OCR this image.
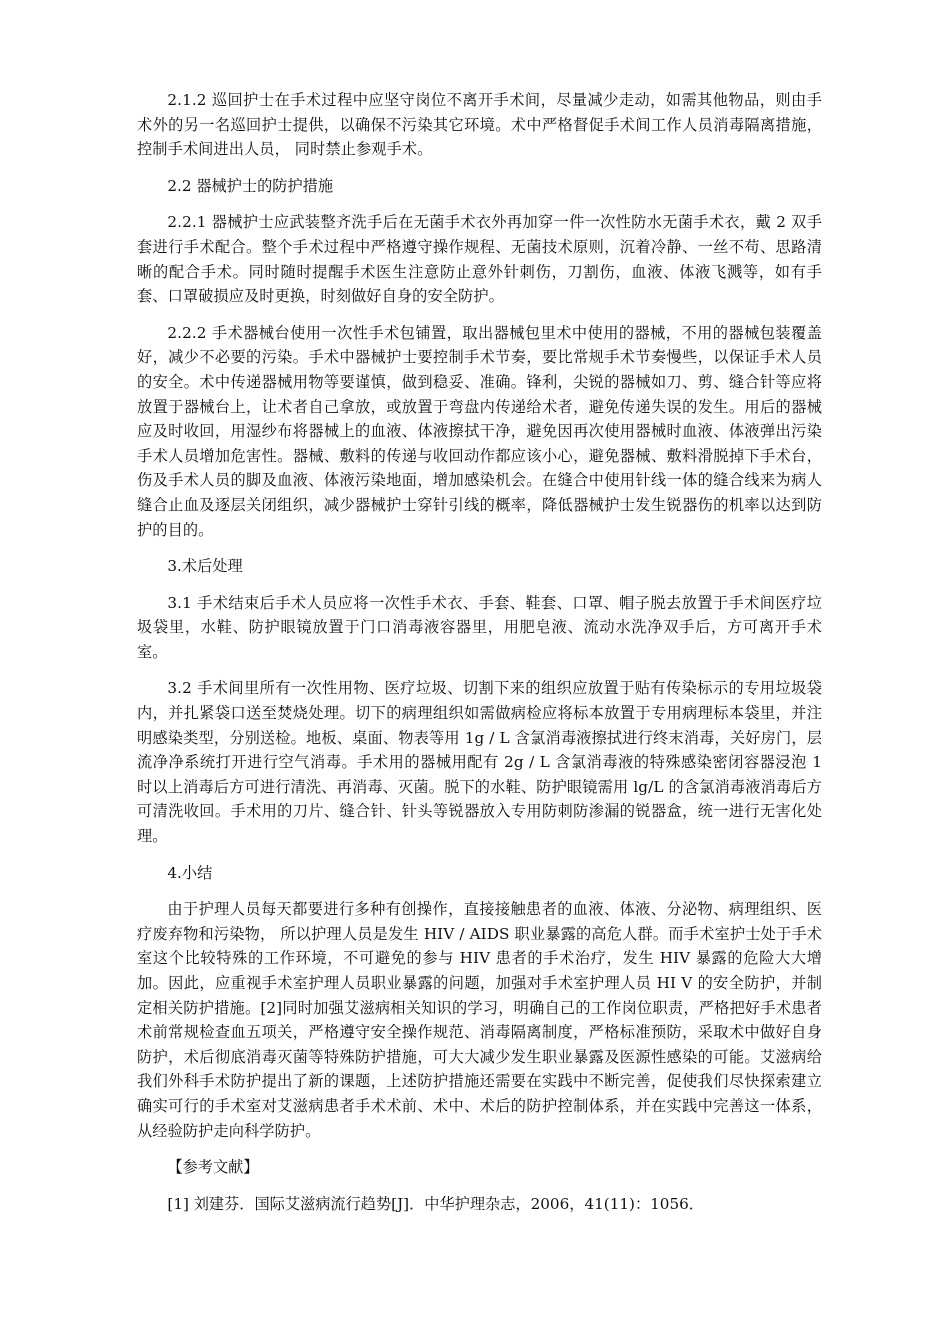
2.1.2 巡回护士在手术过程中应坚守岗位不离开手术间，尽量减少走动，如需其他物品，则由手术外的另一名巡回护士提供，以确保不污染其它环境。术中严格督促手术间工作人员消毒隔离措施，控制手术间进出人员， 同时禁止参观手术。

2.2 器械护士的防护措施

2.2.1 器械护士应武装整齐洗手后在无菌手术衣外再加穿一件一次性防水无菌手术衣，戴 2 双手套进行手术配合。整个手术过程中严格遵守操作规程、无菌技术原则，沉着冷静、一丝不苟、思路清晰的配合手术。同时随时提醒手术医生注意防止意外针刺伤，刀割伤，血液、体液飞溅等，如有手套、口罩破损应及时更换，时刻做好自身的安全防护。

2.2.2 手术器械台使用一次性手术包铺置，取出器械包里术中使用的器械，不用的器械包装覆盖好，减少不必要的污染。手术中器械护士要控制手术节奏，要比常规手术节奏慢些，以保证手术人员的安全。术中传递器械用物等要谨慎，做到稳妥、准确。锋利，尖锐的器械如刀、剪、缝合针等应将放置于器械台上，让术者自己拿放，或放置于弯盘内传递给术者，避免传递失误的发生。用后的器械应及时收回，用湿纱布将器械上的血液、体液擦拭干净，避免因再次使用器械时血液、体液弹出污染手术人员增加危害性。器械、敷料的传递与收回动作都应该小心，避免器械、敷料滑脱掉下手术台，伤及手术人员的脚及血液、体液污染地面，增加感染机会。在缝合中使用针线一体的缝合线来为病人缝合止血及逐层关闭组织，减少器械护士穿针引线的概率，降低器械护士发生锐器伤的机率以达到防护的目的。

3.术后处理

3.1 手术结束后手术人员应将一次性手术衣、手套、鞋套、口罩、帽子脱去放置于手术间医疗垃圾袋里，水鞋、防护眼镜放置于门口消毒液容器里，用肥皂液、流动水洗净双手后，方可离开手术室。

3.2 手术间里所有一次性用物、医疗垃圾、切割下来的组织应放置于贴有传染标示的专用垃圾袋内，并扎紧袋口送至焚烧处理。切下的病理组织如需做病检应将标本放置于专用病理标本袋里，并注明感染类型，分别送检。地板、桌面、物表等用 1g / L 含氯消毒液擦拭进行终末消毒，关好房门，层流净净系统打开进行空气消毒。手术用的器械用配有 2g / L 含氯消毒液的特殊感染密闭容器浸泡 1 时以上消毒后方可进行清洗、再消毒、灭菌。脱下的水鞋、防护眼镜需用 lg/L 的含氯消毒液消毒后方可清洗收回。手术用的刀片、缝合针、针头等锐器放入专用防刺防渗漏的锐器盒，统一进行无害化处理。

4.小结

由于护理人员每天都要进行多种有创操作，直接接触患者的血液、体液、分泌物、病理组织、医疗废弃物和污染物， 所以护理人员是发生 HIV / AIDS 职业暴露的高危人群。而手术室护士处于手术室这个比较特殊的工作环境，不可避免的参与 HIV 患者的手术治疗，发生 HIV 暴露的危险大大增加。因此，应重视手术室护理人员职业暴露的问题，加强对手术室护理人员 HI V 的安全防护，并制定相关防护措施。[2]同时加强艾滋病相关知识的学习，明确自己的工作岗位职责，严格把好手术患者术前常规检查血五项关，严格遵守安全操作规范、消毒隔离制度，严格标准预防，采取术中做好自身防护，术后彻底消毒灭菌等特殊防护措施，可大大减少发生职业暴露及医源性感染的可能。艾滋病给我们外科手术防护提出了新的课题，上述防护措施还需要在实践中不断完善，促使我们尽快探索建立确实可行的手术室对艾滋病患者手术术前、术中、术后的防护控制体系，并在实践中完善这一体系，从经验防护走向科学防护。

【参考文献】

[1] 刘建芬．国际艾滋病流行趋势[J]．中华护理杂志，2006，41(11)：1056．
